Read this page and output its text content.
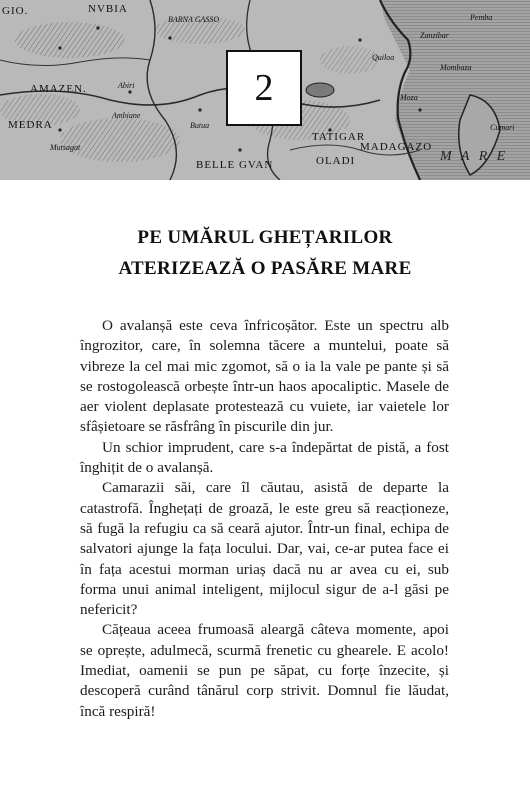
GIO.	NVBIA
BARNA GASSO
AMAZEN.
MEDRA
Mutsagat
Abiri
Ambiane
Butua
TATIGAR
BELLE GVAN	OLADI
MADAGAZO
M A R E
Moza
Quiloa
Zanzibar
Mombaza
Cumari
Pemba
2
PE UMĂRUL GHEȚARILOR
ATERIZEAZĂ O PASĂRE MARE

O avalanșă este ceva înfricoșător. Este un spectru alb îngrozitor, care, în solemna tăcere a muntelui, poate să vibreze la cel mai mic zgomot, să o ia la vale pe pante și să se rostogolească orbește într-un haos apocaliptic. Masele de aer violent deplasate protestează cu vuiete, iar vaietele lor sfâșietoare se răsfrâng în piscurile din jur.

Un schior imprudent, care s-a îndepărtat de pistă, a fost înghițit de o avalanșă.

Camarazii săi, care îl căutau, asistă de departe la catastrofă. Înghețați de groază, le este greu să reacționeze, să fugă la refugiu ca să ceară ajutor. Într-un final, echipa de salvatori ajunge la fața locului. Dar, vai, ce-ar putea face ei în fața acestui morman uriaș dacă nu ar avea cu ei, sub forma unui animal inteligent, mijlocul sigur de a-l găsi pe nefericit?

Cățeaua aceea frumoasă aleargă câteva momente, apoi se oprește, adulmecă, scurmă frenetic cu ghearele. E acolo! Imediat, oamenii se pun pe săpat, cu forțe înzecite, și descoperă curând tânărul corp strivit. Domnul fie lăudat, încă respiră!
